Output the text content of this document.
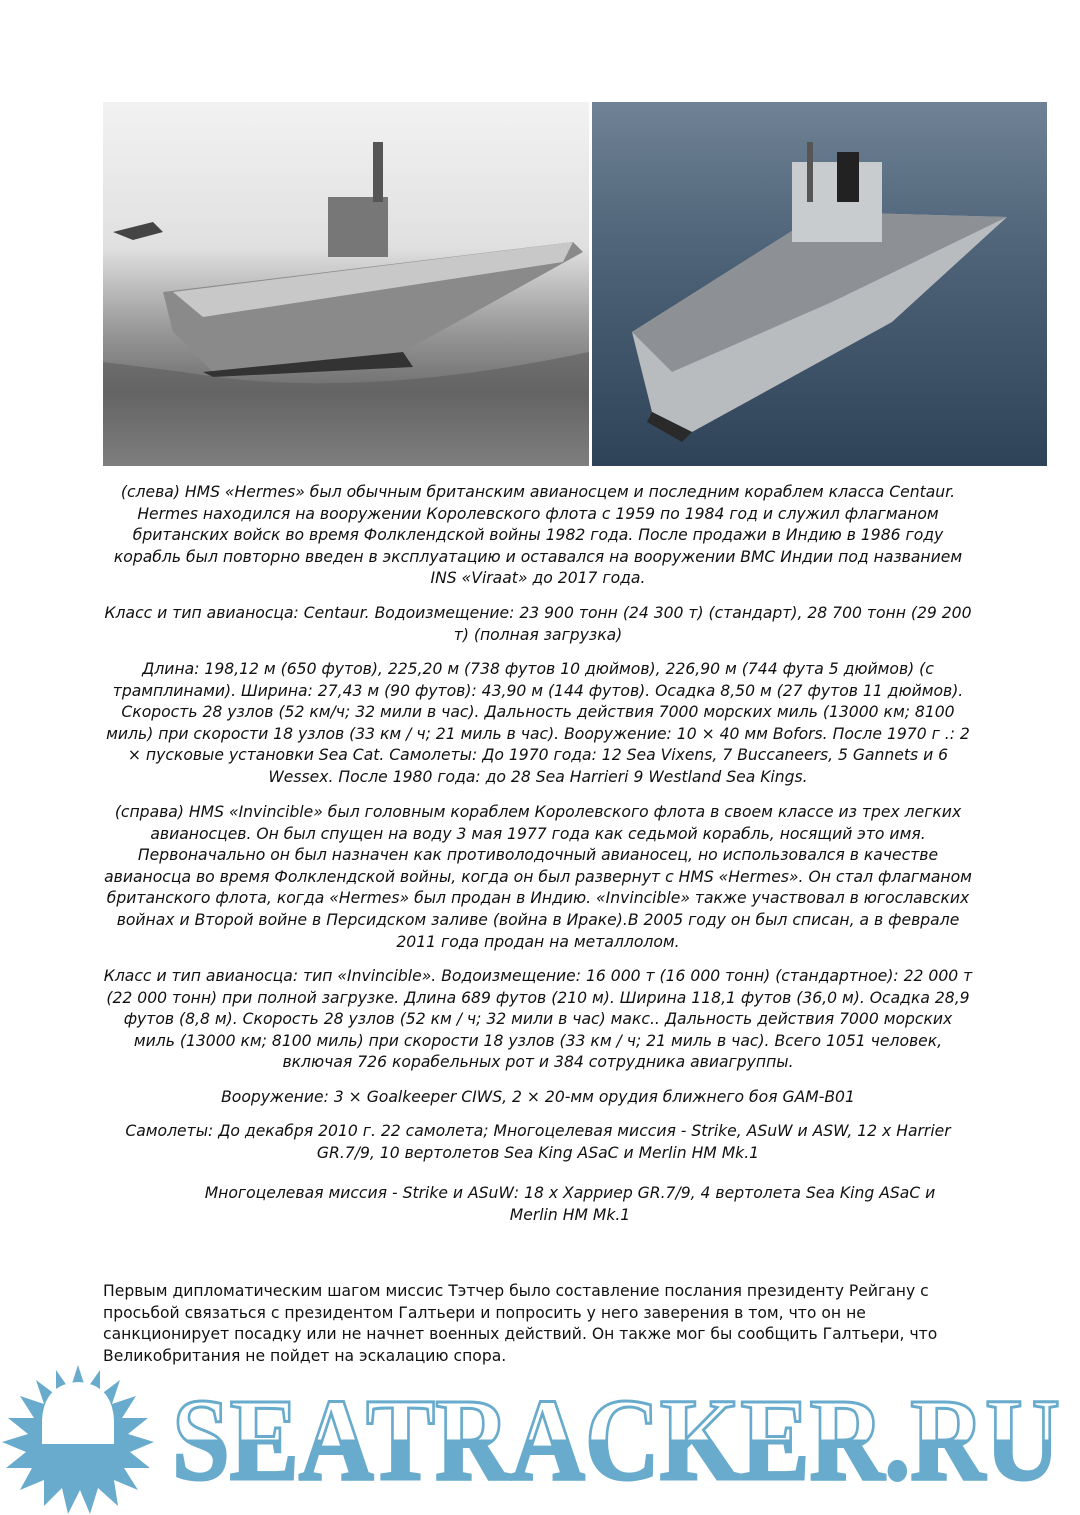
(слева) HMS «Hermes» был обычным британским авианосцем и последним кораблем класса Centaur. Hermes находился на вооружении Королевского флота с 1959 по 1984 год и служил флагманом британских войск во время Фолклендской войны 1982 года. После продажи в Индию в 1986 году корабль был повторно введен в эксплуатацию и оставался на вооружении ВМС Индии под названием INS «Viraat» до 2017 года.

Класс и тип авианосца: Centaur. Водоизмещение: 23 900 тонн (24 300 т) (стандарт), 28 700 тонн (29 200 т) (полная загрузка)

Длина: 198,12 м (650 футов), 225,20 м (738 футов 10 дюймов), 226,90 м (744 фута 5 дюймов) (с трамплинами). Ширина: 27,43 м (90 футов): 43,90 м (144 футов). Осадка 8,50 м (27 футов 11 дюймов). Скорость 28 узлов (52 км/ч; 32 мили в час). Дальность действия 7000 морских миль (13000 км; 8100 миль) при скорости 18 узлов (33 км / ч; 21 миль в час). Вооружение: 10 × 40 мм Bofors. После 1970 г .: 2 × пусковые установки Sea Cat. Самолеты: До 1970 года: 12 Sea Vixens, 7 Buccaneers, 5 Gannets и 6 Wessex. После 1980 года: до 28 Sea Harrieri 9 Westland Sea Kings.

(справа) HMS «Invincible» был головным кораблем Королевского флота в своем классе из трех легких авианосцев. Он был спущен на воду 3 мая 1977 года как седьмой корабль, носящий это имя. Первоначально он был назначен как противолодочный авианосец, но использовался в качестве авианосца во время Фолклендской войны, когда он был развернут с HMS «Hermes». Он стал флагманом британского флота, когда «Hermes» был продан в Индию. «Invincible» также участвовал в югославских войнах и Второй войне в Персидском заливе (война в Ираке).В 2005 году он был списан, а в феврале 2011 года продан на металлолом.

Класс и тип авианосца: тип «Invincible». Водоизмещение: 16 000 т (16 000 тонн) (стандартное): 22 000 т (22 000 тонн) при полной загрузке. Длина 689 футов (210 м). Ширина 118,1 футов (36,0 м). Осадка 28,9 футов (8,8 м). Скорость 28 узлов (52 км / ч; 32 мили в час) макс.. Дальность действия 7000 морских миль (13000 км; 8100 миль) при скорости 18 узлов (33 км / ч; 21 миль в час). Всего 1051 человек, включая 726 корабельных рот и 384 сотрудника авиагруппы.

Вооружение: 3 × Goalkeeper CIWS, 2 × 20-мм орудия ближнего боя GAM-B01

Самолеты: До декабря 2010 г. 22 самолета; Многоцелевая миссия - Strike, ASuW и ASW, 12 x Harrier GR.7/9, 10 вертолетов Sea King ASaC и Merlin HM Mk.1

Многоцелевая миссия - Strike и ASuW: 18 x Харриер GR.7/9, 4 вертолета Sea King ASaC и Merlin HM Mk.1

Первым дипломатическим шагом миссис Тэтчер было составление послания президенту Рейгану с просьбой связаться с президентом Галтьери и попросить у него заверения в том, что он не санкционирует посадку или не начнет военных действий. Он также мог бы сообщить Галтьери, что Великобритания не пойдет на эскалацию спора.

SEATRACKER.RU
